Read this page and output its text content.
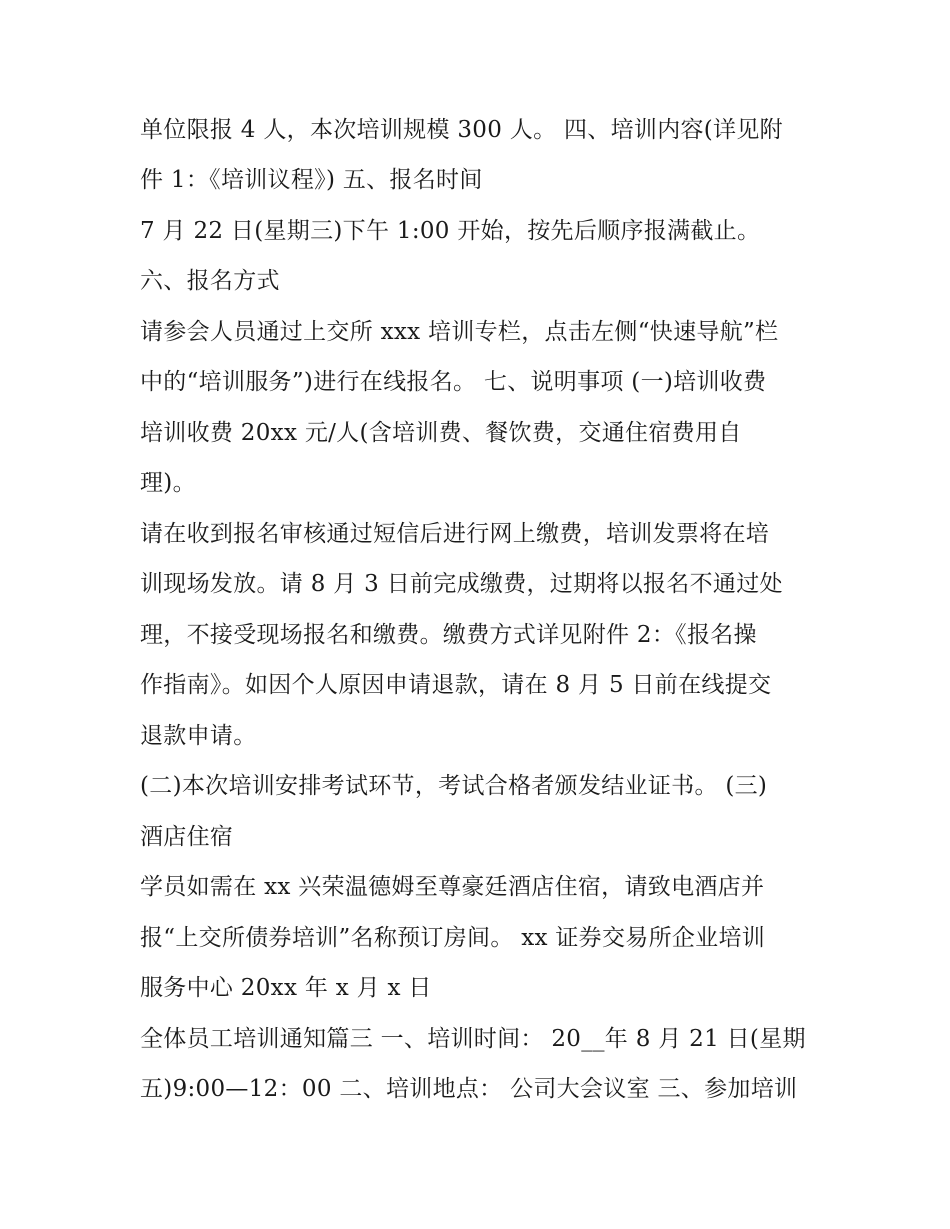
单位限报 4 人，本次培训规模 300 人。 四、培训内容(详见附
件 1：《培训议程》) 五、报名时间
7 月 22 日(星期三)下午 1:00 开始，按先后顺序报满截止。
六、报名方式
请参会人员通过上交所 xxx 培训专栏，点击左侧“快速导航”栏
中的“培训服务”)进行在线报名。 七、说明事项 (一)培训收费
培训收费 20xx 元/人(含培训费、餐饮费，交通住宿费用自
理)。
请在收到报名审核通过短信后进行网上缴费，培训发票将在培
训现场发放。请 8 月 3 日前完成缴费，过期将以报名不通过处
理，不接受现场报名和缴费。缴费方式详见附件 2：《报名操
作指南》。如因个人原因申请退款，请在 8 月 5 日前在线提交
退款申请。
(二)本次培训安排考试环节，考试合格者颁发结业证书。 (三)
酒店住宿
学员如需在 xx 兴荣温德姆至尊豪廷酒店住宿，请致电酒店并
报“上交所债券培训”名称预订房间。 xx 证券交易所企业培训
服务中心 20xx 年 x 月 x 日
全体员工培训通知篇三 一、培训时间： 20__年 8 月 21 日(星期
五)9:00—12：00 二、培训地点： 公司大会议室 三、参加培训
